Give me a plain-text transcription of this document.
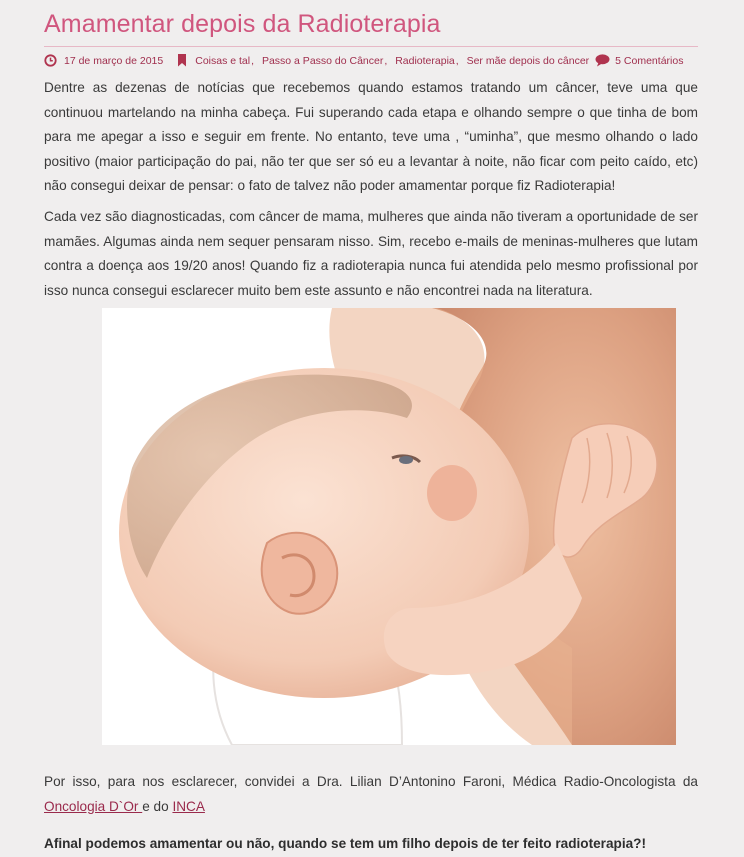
Amamentar depois da Radioterapia
17 de março de 2015	Coisas e tal, Passo a Passo do Câncer, Radioterapia, Ser mãe depois do câncer 5 Comentários

Dentre as dezenas de notícias que recebemos quando estamos tratando um câncer, teve uma que continuou martelando na minha cabeça. Fui superando cada etapa e olhando sempre o que tinha de bom para me apegar a isso e seguir em frente. No entanto, teve uma , “uminha”, que mesmo olhando o lado positivo (maior participação do pai, não ter que ser só eu a levantar à noite, não ficar com peito caído, etc) não consegui deixar de pensar: o fato de talvez não poder amamentar porque fiz Radioterapia!

Cada vez são diagnosticadas, com câncer de mama, mulheres que ainda não tiveram a oportunidade de ser mamães. Algumas ainda nem sequer pensaram nisso. Sim, recebo e-mails de meninas-mulheres que lutam contra a doença aos 19/20 anos! Quando fiz a radioterapia nunca fui atendida pelo mesmo profissional por isso nunca consegui esclarecer muito bem este assunto e não encontrei nada na literatura.

Por isso, para nos esclarecer, convidei a Dra. Lilian D’Antonino Faroni, Médica Radio-Oncologista da Oncologia D`Or e do INCA

Afinal podemos amamentar ou não, quando se tem um filho depois de ter feito radioterapia?!
